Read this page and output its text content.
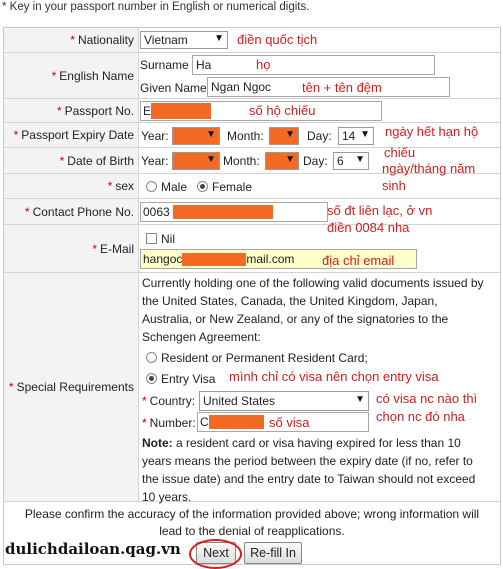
* Key in your passport number in English or numerical digits.
* Nationality Vietnam	▼ điền quốc tịch
* English Name
Surname Ha	họ
Given Name Ngan Ngoc	tên + tên đệm
* Passport No. E	số hộ chiếu
* Passport Expiry Date Year:	▼ Month: ▼ Day: 14 ▼ ngày hết hạn hộ
* Date of Birth Year:	▼ Month:	▼ Day: 6 ▼
* sex	Male	Female
* Contact Phone No. 0063
* E-Mail
Nil
hangoc	mail.com địa chỉ email
* Special Requirements
Currently holding one of the following valid documents issued by
the United States, Canada, the United Kingdom, Japan,
Australia, or New Zealand, or any of the signatories to the
Schengen Agreement:
Resident or Permanent Resident Card;
Entry Visa mình chỉ có visa nên chọn entry visa
* Country: United States	▼ có visa nc nào thì
chọn nc đó nha
* Number: C	số visa
Note: a resident card or visa having expired for less than 10
years means the period between the expiry date (if no, refer to
the issue date) and the entry date to Taiwan should not exceed
10 years.
Please confirm the accuracy of the information provided above; wrong information will
lead to the denial of reapplications.
chiếu
ngày/tháng năm
sinh
số đt liên lạc, ở vn
điền 0084 nha
dulichdailoan.qag.vn	Next	Re-fill In
